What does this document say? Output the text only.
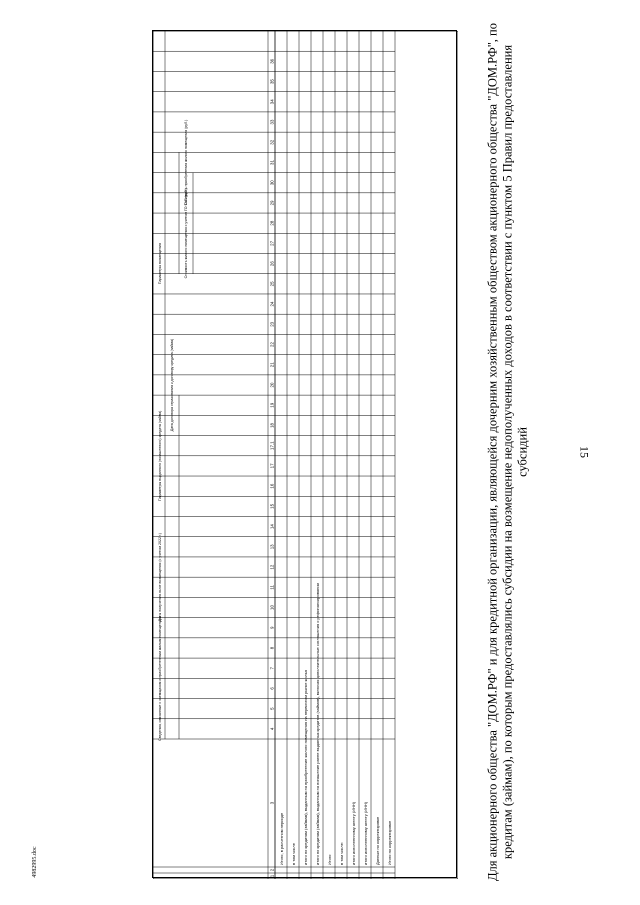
15
Для акционерного общества "ДОМ.РФ" и для кредитной организации, являющейся дочерним хозяйственным обществом акционерного общества "ДОМ.РФ", по кредитам (займам), по которым предоставлялись субсидии на возмещение недополученных доходов в соответствии с пунктом 5 Правил предоставления субсидий
Сведения, связанные с заемщиком и приобретенным жилым помещением
Даты получения льгот возмещения (с учетом 2022 г.)
Параметры выданного (погашенного) кредита (займа)
Параметры возмещения
Дата договора страхования к договору кредита (займа)
Стоимость жилого помещения с учетом ГО ТАП (руб.)
Стоимость приобретения жилого помещения (руб.)
1
2
3
4
5
6
7
8
9
10
11
12
13
14
15
16
17
17.1
18
19
20
21
22
23
24
25
26
27
28
29
30
31
32
33
34
35
36
Итого, в расчетном периоде в том числе итого по кредитам (займам), выданным на приобретение жилого помещения на первичном рынке жилья итого по кредитам (займам), выданным на погашение ранее выданных кредитов (займов), включая дополнительные соглашения о рефинансировании Итого в том числе: итого исполненному агенту (ИНН) итого исполненному агенту (ИНН) Данные по корректировке Итого по корректировке

4982995.doc
